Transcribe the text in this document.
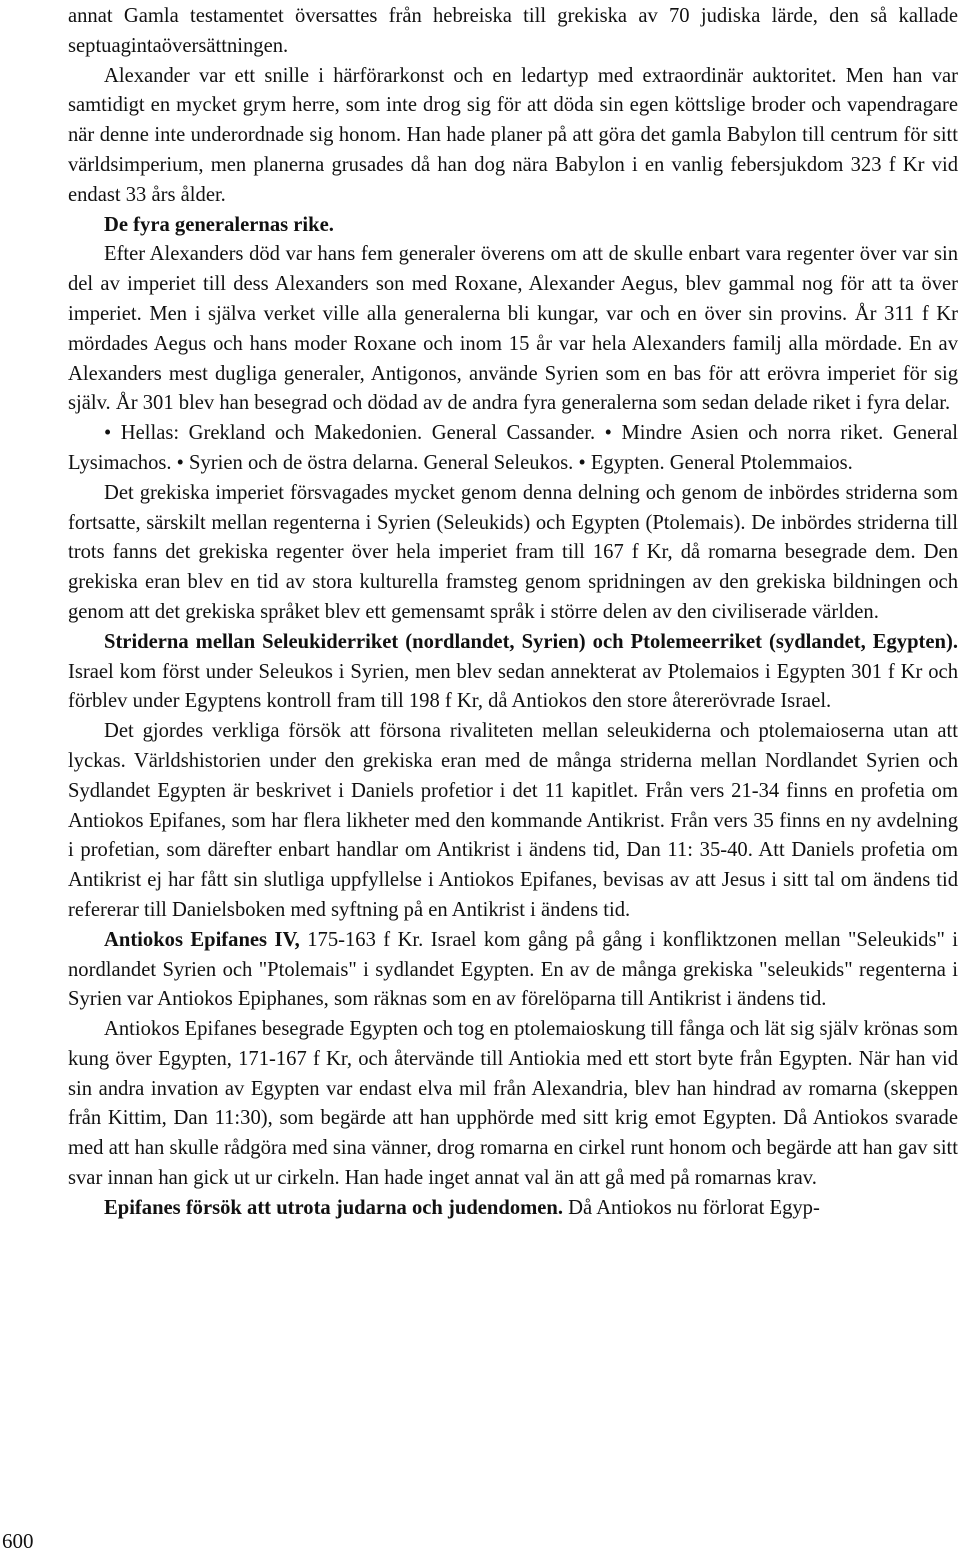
annat Gamla testamentet översattes från hebreiska till grekiska av 70 judiska lärde, den så kallade septuagintaöversättningen.

Alexander var ett snille i härförarkonst och en ledartyp med extraordinär auktoritet. Men han var samtidigt en mycket grym herre, som inte drog sig för att döda sin egen köttslige broder och vapendragare när denne inte underordnade sig honom. Han hade planer på att göra det gamla Babylon till centrum för sitt världsimperium, men planerna grusades då han dog nära Babylon i en vanlig febersjukdom 323 f Kr vid endast 33 års ålder.

De fyra generalernas rike.

Efter Alexanders död var hans fem generaler överens om att de skulle enbart vara regenter över var sin del av imperiet till dess Alexanders son med Roxane, Alexander Aegus, blev gammal nog för att ta över imperiet. Men i själva verket ville alla generalerna bli kungar, var och en över sin provins. År 311 f Kr mördades Aegus och hans moder Roxane och inom 15 år var hela Alexanders familj alla mördade. En av Alexanders mest dugliga generaler, Antigonos, använde Syrien som en bas för att erövra imperiet för sig själv. År 301 blev han besegrad och dödad av de andra fyra generalerna som sedan delade riket i fyra delar.

• Hellas: Grekland och Makedonien. General Cassander. • Mindre Asien och norra riket. General Lysimachos. • Syrien och de östra delarna. General Seleukos. • Egypten. General Ptolemmaios.

Det grekiska imperiet försvagades mycket genom denna delning och genom de inbördes striderna som fortsatte, särskilt mellan regenterna i Syrien (Seleukids) och Egypten (Ptolemais). De inbördes striderna till trots fanns det grekiska regenter över hela imperiet fram till 167 f Kr, då romarna besegrade dem. Den grekiska eran blev en tid av stora kulturella framsteg genom spridningen av den grekiska bildningen och genom att det grekiska språket blev ett gemensamt språk i större delen av den civiliserade världen.

Striderna mellan Seleukiderriket (nordlandet, Syrien) och Ptolemeerriket (sydlandet, Egypten). Israel kom först under Seleukos i Syrien, men blev sedan annekterat av Ptolemaios i Egypten 301 f Kr och förblev under Egyptens kontroll fram till 198 f Kr, då Antiokos den store återerövrade Israel.

Det gjordes verkliga försök att försona rivaliteten mellan seleukiderna och ptolemaioserna utan att lyckas. Världshistorien under den grekiska eran med de många striderna mellan Nordlandet Syrien och Sydlandet Egypten är beskrivet i Daniels profetior i det 11 kapitlet. Från vers 21-34 finns en profetia om Antiokos Epifanes, som har flera likheter med den kommande Antikrist. Från vers 35 finns en ny avdelning i profetian, som därefter enbart handlar om Antikrist i ändens tid, Dan 11: 35-40. Att Daniels profetia om Antikrist ej har fått sin slutliga uppfyllelse i Antiokos Epifanes, bevisas av att Jesus i sitt tal om ändens tid refererar till Danielsboken med syftning på en Antikrist i ändens tid.

Antiokos Epifanes IV, 175-163 f Kr. Israel kom gång på gång i konfliktzonen mellan "Seleukids" i nordlandet Syrien och "Ptolemais" i sydlandet Egypten. En av de många grekiska "seleukids" regenterna i Syrien var Antiokos Epiphanes, som räknas som en av förelöparna till Antikrist i ändens tid.

Antiokos Epifanes besegrade Egypten och tog en ptolemaioskung till fånga och lät sig själv krönas som kung över Egypten, 171-167 f Kr, och återvände till Antiokia med ett stort byte från Egypten. När han vid sin andra invation av Egypten var endast elva mil från Alexandria, blev han hindrad av romarna (skeppen från Kittim, Dan 11:30), som begärde att han upphörde med sitt krig emot Egypten. Då Antiokos svarade med att han skulle rådgöra med sina vänner, drog romarna en cirkel runt honom och begärde att han gav sitt svar innan han gick ut ur cirkeln. Han hade inget annat val än att gå med på romarnas krav.

Epifanes försök att utrota judarna och judendomen. Då Antiokos nu förlorat Egyp-

600
